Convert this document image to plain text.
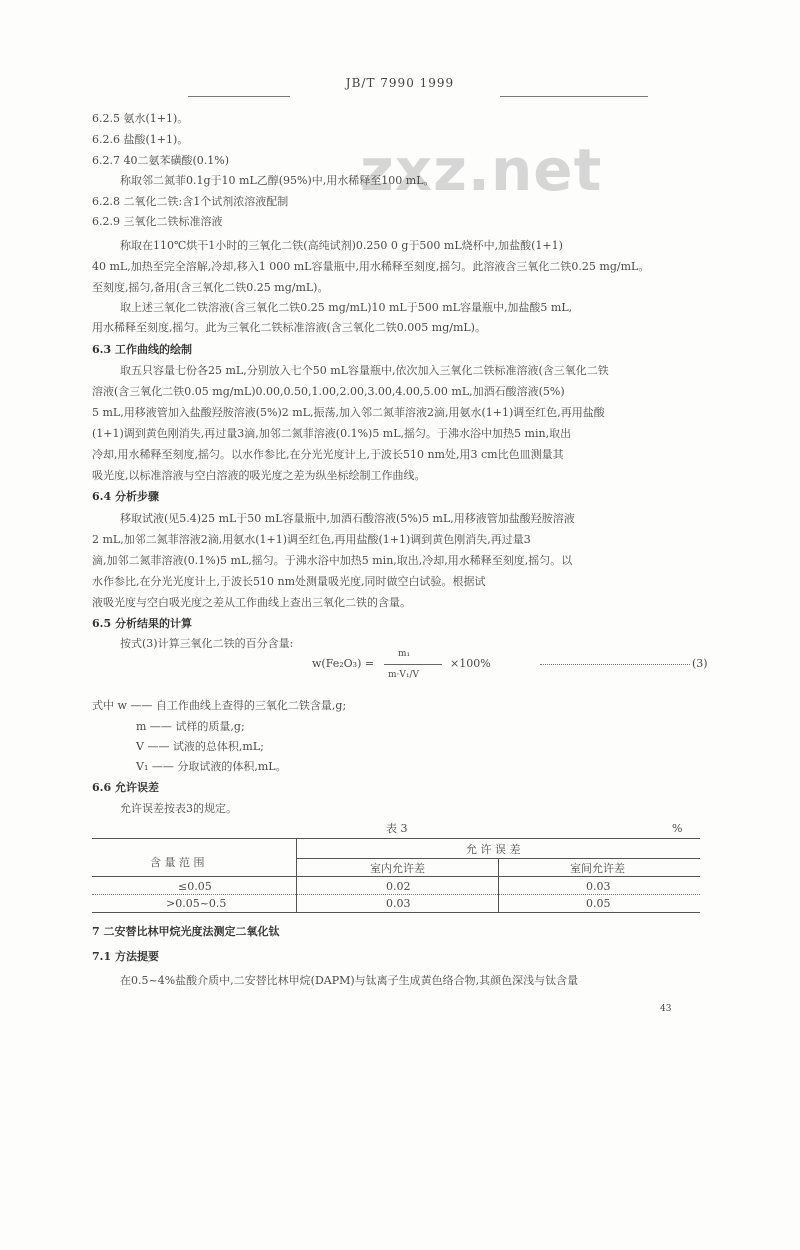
JB/T 7990 1999
zxz.net
6.2.5 氨水(1+1)。
6.2.6 盐酸(1+1)。
6.2.7 40二氨苯磺酸(0.1%)
称取邻二氮菲0.1g于10 mL乙醇(95%)中,用水稀释至100 mL。
6.2.8 二氧化二铁:含1个试剂浓溶液配制
6.2.9 三氧化二铁标准溶液
称取在110℃烘干1小时的三氧化二铁(高纯试剂)0.250 0 g于500 mL烧杯中,加盐酸(1+1)
40 mL,加热至完全溶解,冷却,移入1 000 mL容量瓶中,用水稀释至刻度,摇匀。此溶液含三氧化二铁0.25 mg/mL。
至刻度,摇匀,备用(含三氧化二铁0.25 mg/mL)。
取上述三氧化二铁溶液(含三氧化二铁0.25 mg/mL)10 mL于500 mL容量瓶中,加盐酸5 mL,
用水稀释至刻度,摇匀。此为三氧化二铁标准溶液(含三氧化二铁0.005 mg/mL)。
6.3 工作曲线的绘制
取五只容量七份各25 mL,分别放入七个50 mL容量瓶中,依次加入三氧化二铁标准溶液(含三氧化二铁
溶液(含三氧化二铁0.05 mg/mL)0.00,0.50,1.00,2.00,3.00,4.00,5.00 mL,加酒石酸溶液(5%)
5 mL,用移液管加入盐酸羟胺溶液(5%)2 mL,振荡,加入邻二氮菲溶液2滴,用氨水(1+1)调至红色,再用盐酸
(1+1)调到黄色刚消失,再过量3滴,加邻二氮菲溶液(0.1%)5 mL,摇匀。于沸水浴中加热5 min,取出
冷却,用水稀释至刻度,摇匀。以水作参比,在分光光度计上,于波长510 nm处,用3 cm比色皿测量其
吸光度,以标准溶液与空白溶液的吸光度之差为纵坐标绘制工作曲线。
6.4 分析步骤
移取试液(见5.4)25 mL于50 mL容量瓶中,加酒石酸溶液(5%)5 mL,用移液管加盐酸羟胺溶液
2 mL,加邻二氮菲溶液2滴,用氨水(1+1)调至红色,再用盐酸(1+1)调到黄色刚消失,再过量3
滴,加邻二氮菲溶液(0.1%)5 mL,摇匀。于沸水浴中加热5 min,取出,冷却,用水稀释至刻度,摇匀。以
水作参比,在分光光度计上,于波长510 nm处测量吸光度,同时做空白试验。根据试
液吸光度与空白吸光度之差从工作曲线上查出三氧化二铁的含量。
6.5 分析结果的计算
按式(3)计算三氧化二铁的百分含量:
w(Fe₂O₃) =
m₁
m·V₁/V
×100%	(3)
式中 w —— 自工作曲线上查得的三氧化二铁含量,g;
m —— 试样的质量,g;
V —— 试液的总体积,mL;
V₁ —— 分取试液的体积,mL。
6.6 允许误差
允许误差按表3的规定。
表 3	%
含 量 范 围
允 许 误 差
室内允许差	室间允许差
≤0.05	0.02	0.03
>0.05~0.5	0.03	0.05
7 二安替比林甲烷光度法测定二氧化钛
7.1 方法提要
在0.5~4%盐酸介质中,二安替比林甲烷(DAPM)与钛离子生成黄色络合物,其颜色深浅与钛含量
43
